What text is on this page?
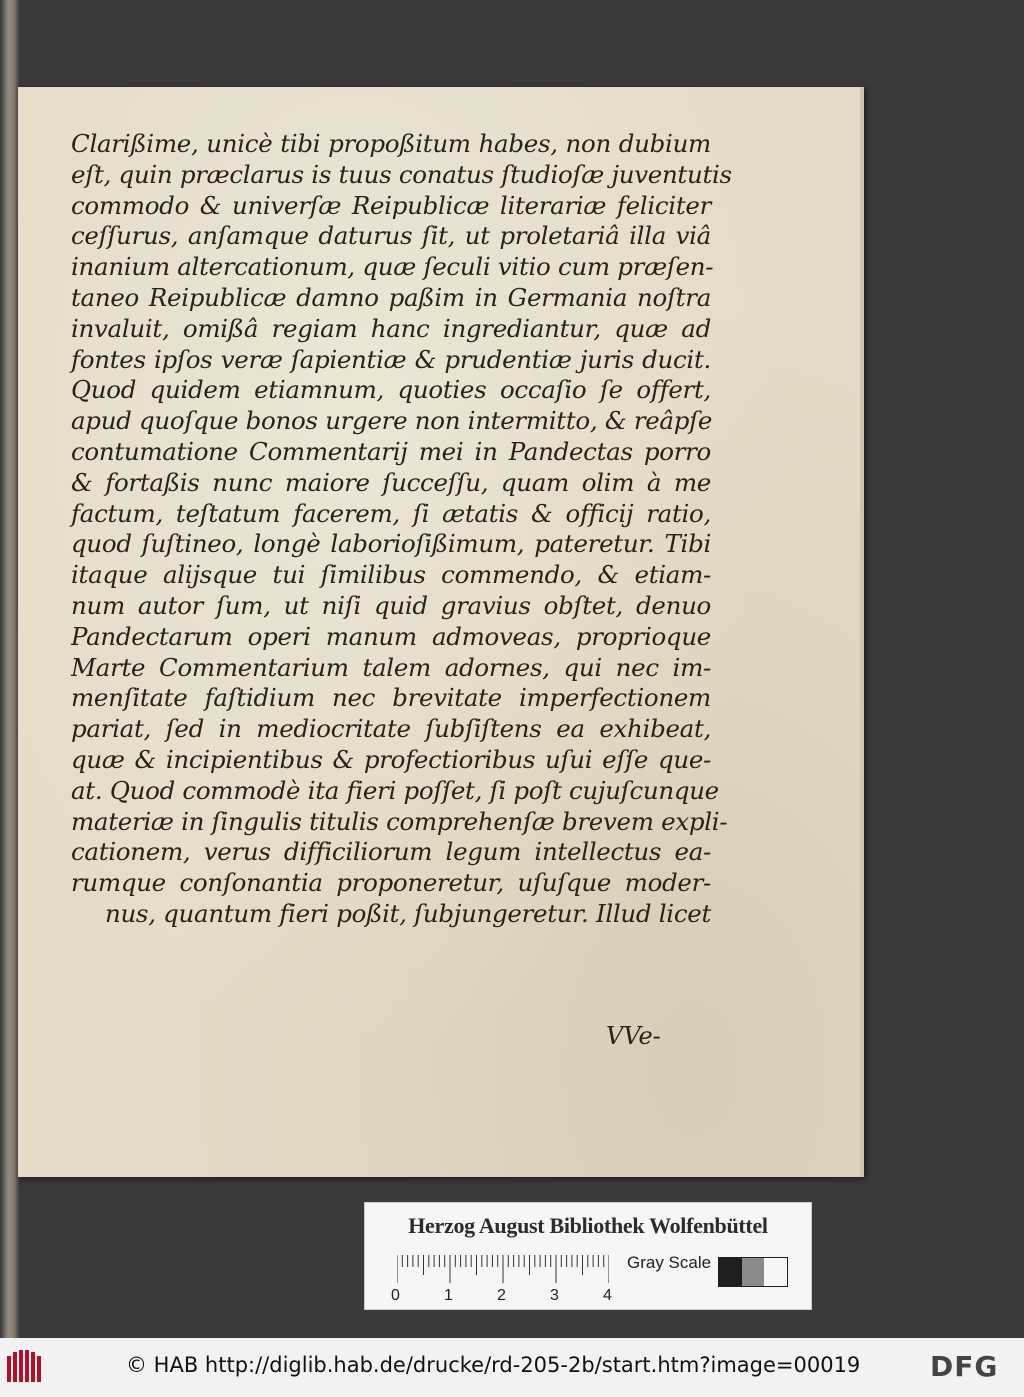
Clarißime, unicè tibi propoßitum habes, non dubium
eſt, quin præclarus is tuus conatus ſtudioſæ juventutis
commodo & univerſæ Reipublicæ literariæ feliciter
ceſſurus, anſamque daturus ſit, ut proletariâ illa viâ
inanium altercationum, quæ ſeculi vitio cum præſen-
taneo Reipublicæ damno paßim in Germania noſtra
invaluit, omißâ regiam hanc ingrediantur, quæ ad
fontes ipſos veræ ſapientiæ & prudentiæ juris ducit.
Quod quidem etiamnum, quoties occaſio ſe offert,
apud quoſque bonos urgere non intermitto, & reâpſe
contumatione Commentarij mei in Pandectas porro
& fortaßis nunc maiore ſucceſſu, quam olim à me
factum, teſtatum facerem, ſi ætatis & officij ratio,
quod ſuſtineo, longè laborioſißimum, pateretur. Tibi
itaque alijsque tui ſimilibus commendo, & etiam-
num autor ſum, ut niſi quid gravius obſtet, denuo
Pandectarum operi manum admoveas, proprioque
Marte Commentarium talem adornes, qui nec im-
menſitate faſtidium nec brevitate imperfectionem
pariat, ſed in mediocritate ſubſiſtens ea exhibeat,
quæ & incipientibus & profectioribus uſui eſſe que-
at. Quod commodè ita fieri poſſet, ſi poſt cujuſcunque
materiæ in ſingulis titulis comprehenſæ brevem expli-
cationem, verus difficiliorum legum intellectus ea-
rumque conſonantia proponeretur, uſuſque moder-
nus, quantum fieri poßit, ſubjungeretur. Illud licet
VVe-
Herzog August Bibliothek Wolfenbüttel
0	1	2	3	4
Gray Scale
© HAB http://diglib.hab.de/drucke/rd-205-2b/start.htm?image=00019 DFG
